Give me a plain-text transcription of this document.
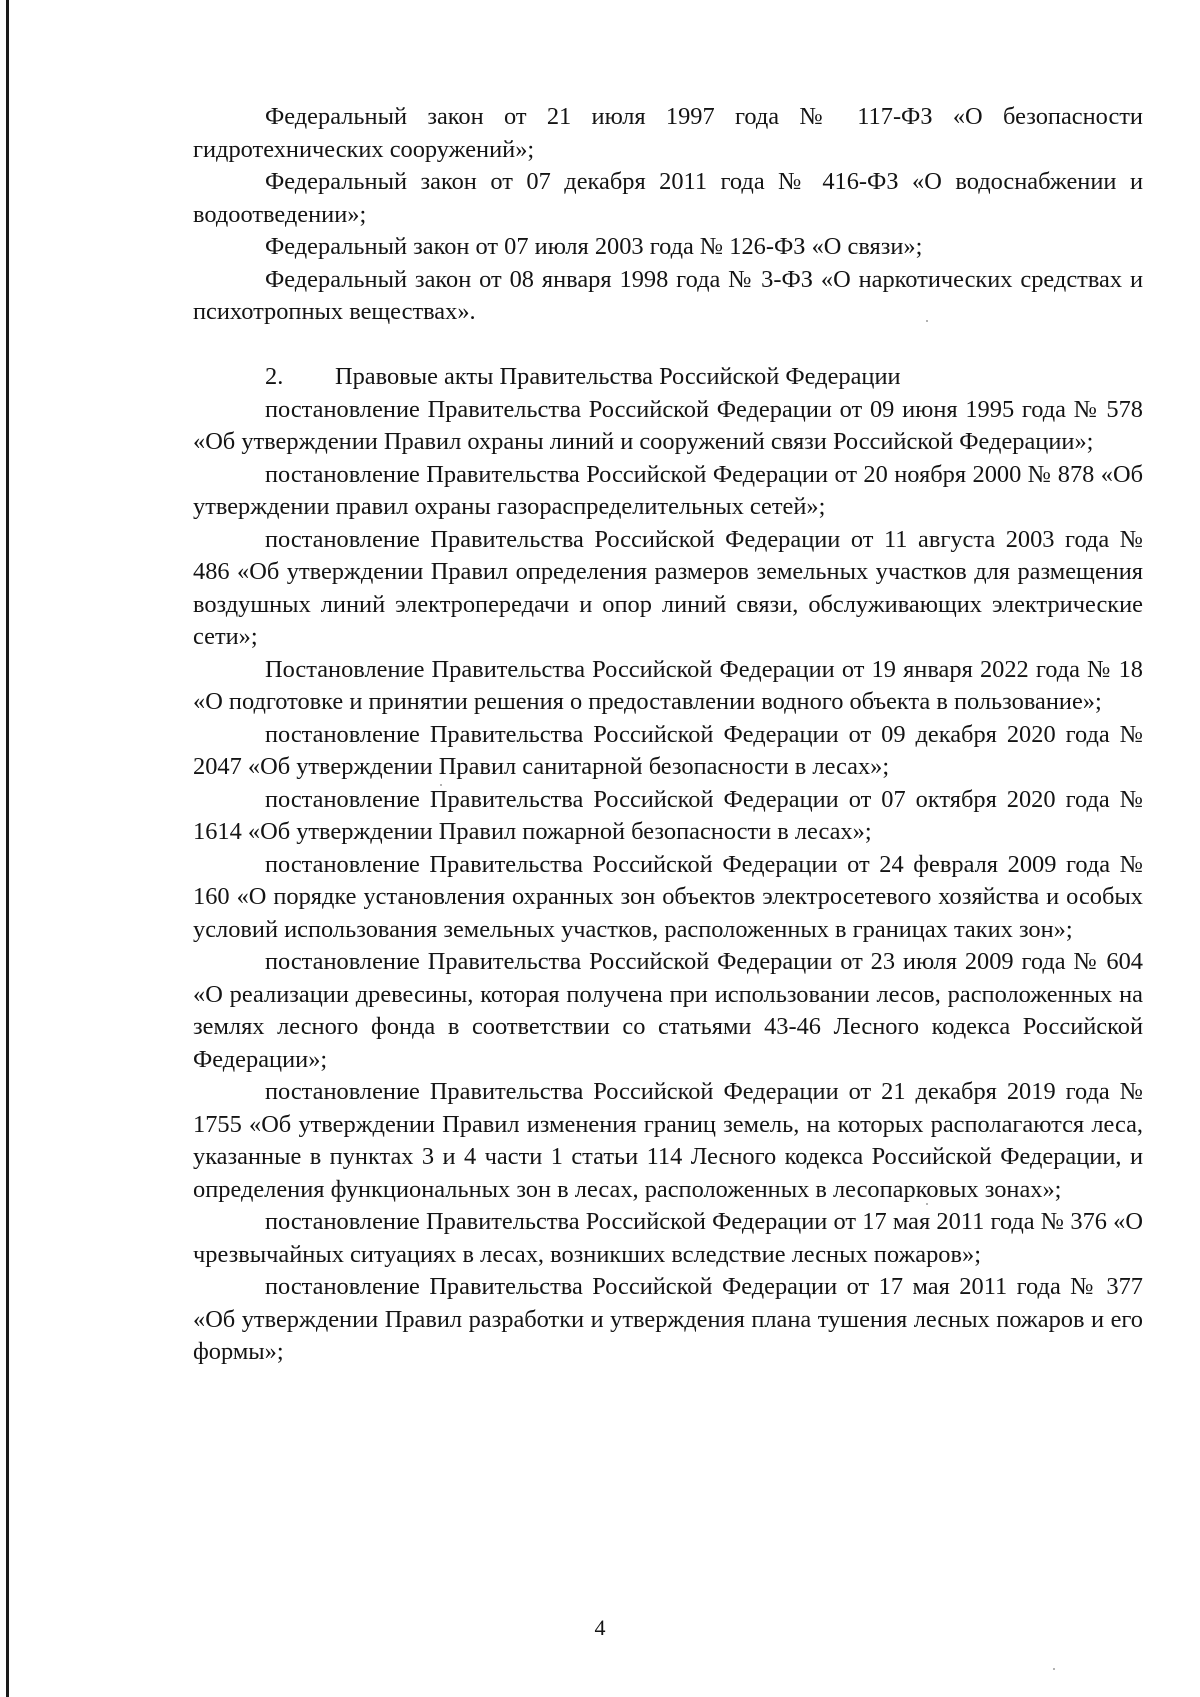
Федеральный закон от 21 июля 1997 года № 117-ФЗ «О безопасности гидротехнических сооружений»;

Федеральный закон от 07 декабря 2011 года № 416-ФЗ «О водоснабжении и водоотведении»;

Федеральный закон от 07 июля 2003 года № 126-ФЗ «О связи»;

Федеральный закон от 08 января 1998 года № 3-ФЗ «О наркотических средствах и психотропных веществах».

2. Правовые акты Правительства Российской Федерации

постановление Правительства Российской Федерации от 09 июня 1995 года № 578 «Об утверждении Правил охраны линий и сооружений связи Российской Федерации»;

постановление Правительства Российской Федерации от 20 ноября 2000 № 878 «Об утверждении правил охраны газораспределительных сетей»;

постановление Правительства Российской Федерации от 11 августа 2003 года № 486 «Об утверждении Правил определения размеров земельных участков для размещения воздушных линий электропередачи и опор линий связи, обслуживающих электрические сети»;

Постановление Правительства Российской Федерации от 19 января 2022 года № 18 «О подготовке и принятии решения о предоставлении водного объекта в пользование»;

постановление Правительства Российской Федерации от 09 декабря 2020 года № 2047 «Об утверждении Правил санитарной безопасности в лесах»;

постановление Правительства Российской Федерации от 07 октября 2020 года № 1614 «Об утверждении Правил пожарной безопасности в лесах»;

постановление Правительства Российской Федерации от 24 февраля 2009 года № 160 «О порядке установления охранных зон объектов электросетевого хозяйства и особых условий использования земельных участков, расположенных в границах таких зон»;

постановление Правительства Российской Федерации от 23 июля 2009 года № 604 «О реализации древесины, которая получена при использовании лесов, расположенных на землях лесного фонда в соответствии со статьями 43-46 Лесного кодекса Российской Федерации»;

постановление Правительства Российской Федерации от 21 декабря 2019 года № 1755 «Об утверждении Правил изменения границ земель, на которых располагаются леса, указанные в пунктах 3 и 4 части 1 статьи 114 Лесного кодекса Российской Федерации, и определения функциональных зон в лесах, расположенных в лесопарковых зонах»;

постановление Правительства Российской Федерации от 17 мая 2011 года № 376 «О чрезвычайных ситуациях в лесах, возникших вследствие лесных пожаров»;

постановление Правительства Российской Федерации от 17 мая 2011 года № 377 «Об утверждении Правил разработки и утверждения плана тушения лесных пожаров и его формы»;

4
